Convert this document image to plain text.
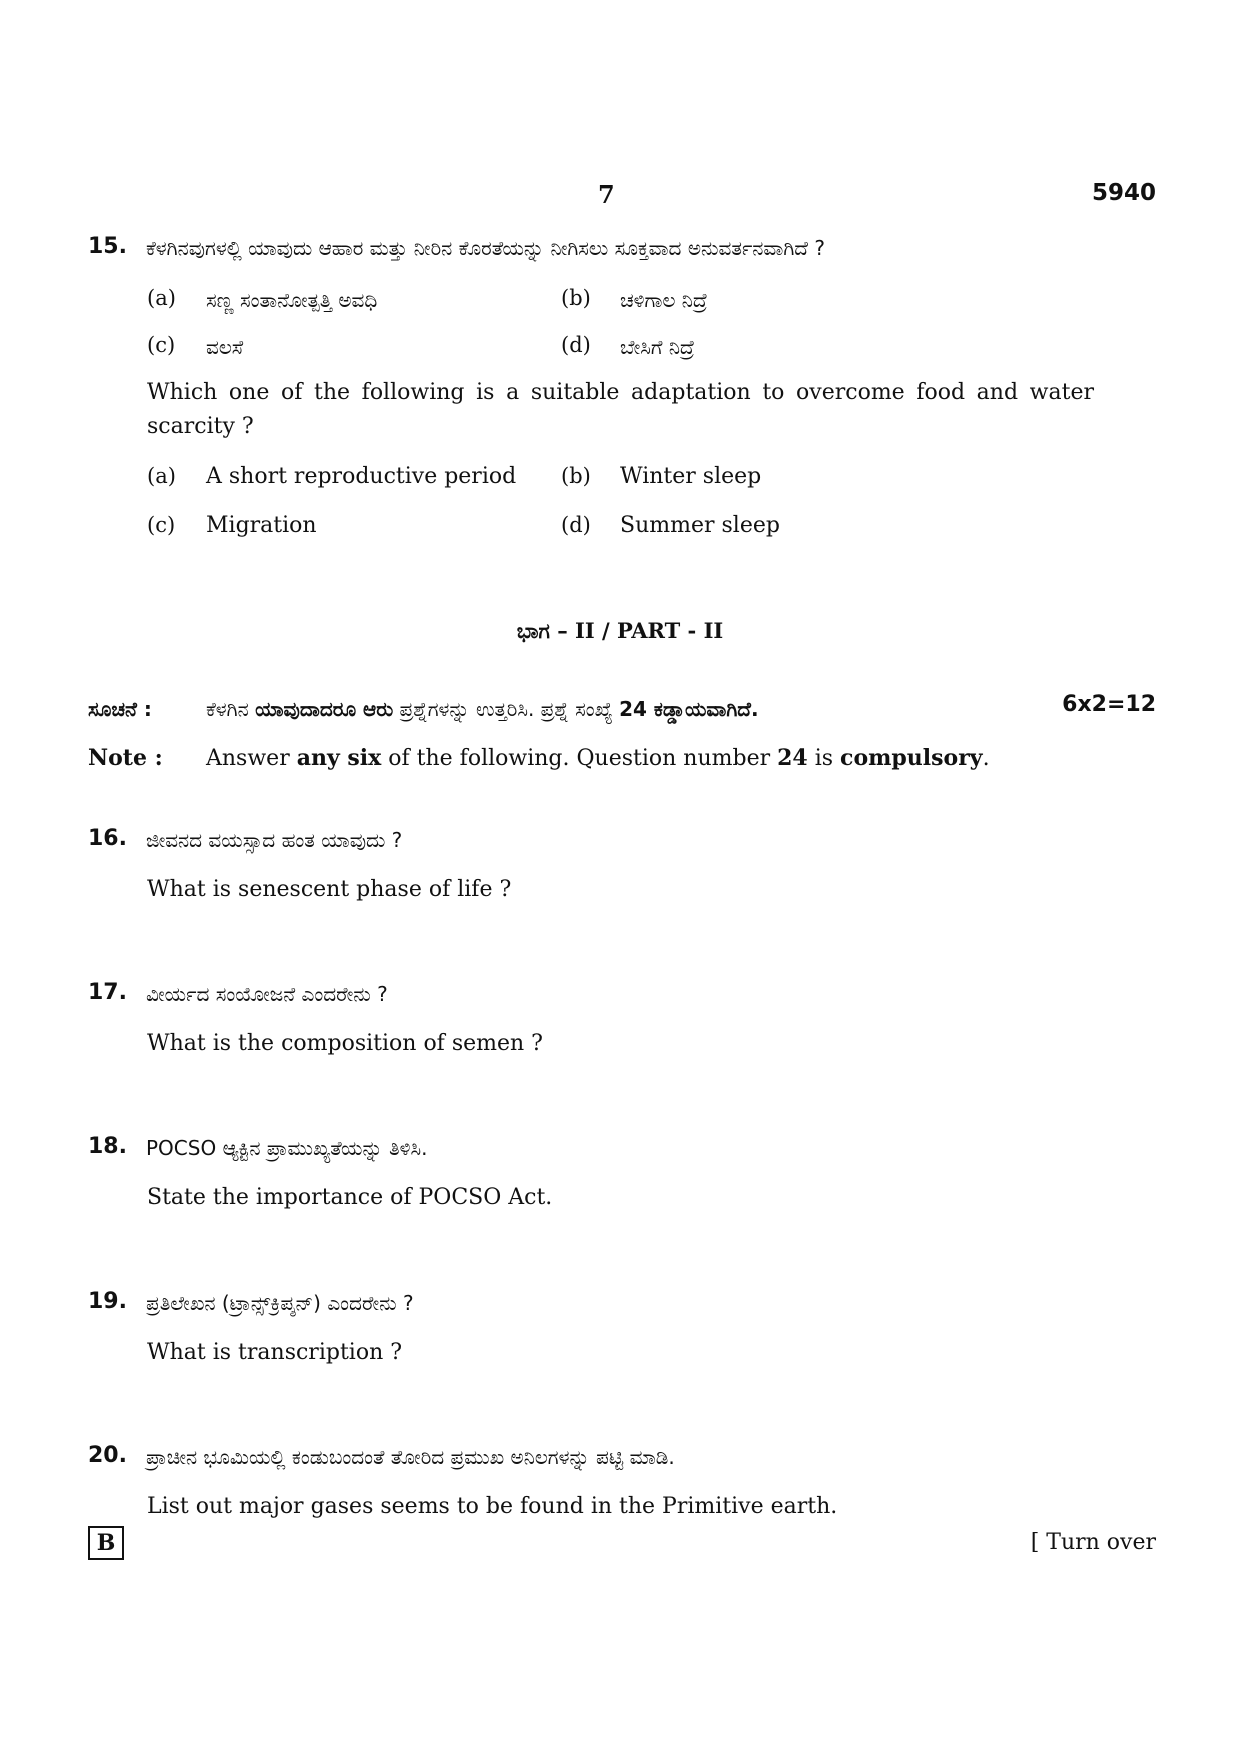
7	5940
15. ಕೆಳಗಿನವುಗಳಲ್ಲಿ ಯಾವುದು ಆಹಾರ ಮತ್ತು ನೀರಿನ ಕೊರತೆಯನ್ನು ನೀಗಿಸಲು ಸೂಕ್ತವಾದ ಅನುವರ್ತನವಾಗಿದೆ ?
(a) ಸಣ್ಣ ಸಂತಾನೋತ್ಪತ್ತಿ ಅವಧಿ	(b) ಚಳಿಗಾಲ ನಿದ್ರೆ
(c) ವಲಸೆ	(d) ಬೇಸಿಗೆ ನಿದ್ರೆ
Which one of the following is a suitable adaptation to overcome food and water
scarcity ?
(a) A short reproductive period (b) Winter sleep
(c) Migration	(d) Summer sleep
ಭಾಗ – II / PART - II
ಸೂಚನೆ :	ಕೆಳಗಿನ ಯಾವುದಾದರೂ ಆರು ಪ್ರಶ್ನೆಗಳನ್ನು ಉತ್ತರಿಸಿ. ಪ್ರಶ್ನೆ ಸಂಖ್ಯೆ 24 ಕಡ್ಡಾಯವಾಗಿದೆ.	6x2=12
Note : Answer any six of the following. Question number 24 is compulsory.
16. ಜೀವನದ ವಯಸ್ಸಾದ ಹಂತ ಯಾವುದು ?
What is senescent phase of life ?
17. ವೀರ್ಯದ ಸಂಯೋಜನೆ ಎಂದರೇನು ?
What is the composition of semen ?
18. POCSO ಆ್ಯಕ್ಟಿನ ಪ್ರಾಮುಖ್ಯತೆಯನ್ನು ತಿಳಿಸಿ.
State the importance of POCSO Act.
19. ಪ್ರತಿಲೇಖನ (ಟ್ರಾನ್ಸ್‌ಕ್ರಿಪ್ಶನ್) ಎಂದರೇನು ?
What is transcription ?
20. ಪ್ರಾಚೀನ ಭೂಮಿಯಲ್ಲಿ ಕಂಡುಬಂದಂತೆ ತೋರಿದ ಪ್ರಮುಖ ಅನಿಲಗಳನ್ನು ಪಟ್ಟಿ ಮಾಡಿ.
List out major gases seems to be found in the Primitive earth.
B	[ Turn over
